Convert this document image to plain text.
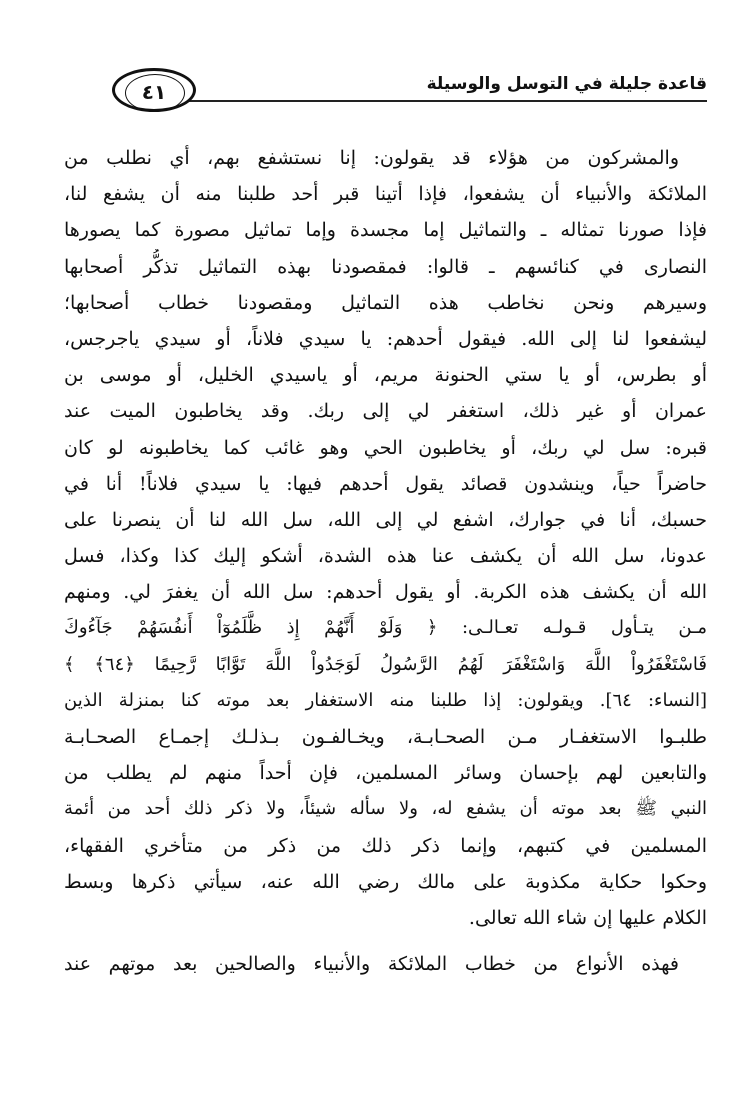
قاعدة جليلة في التوسل والوسيلة
٤١
والمشركون من هؤلاء قد يقولون: إنا نستشفع بهم، أي نطلب من
الملائكة والأنبياء أن يشفعوا، فإذا أتينا قبر أحد طلبنا منه أن يشفع لنا،
فإذا صورنا تمثاله ـ والتماثيل إما مجسدة وإما تماثيل مصورة كما يصورها
النصارى في كنائسهم ـ قالوا: فمقصودنا بهذه التماثيل تذكُّر أصحابها
وسيرهم ونحن نخاطب هذه التماثيل ومقصودنا خطاب أصحابها؛
ليشفعوا لنا إلى الله. فيقول أحدهم: يا سيدي فلاناً، أو سيدي ياجرجس،
أو بطرس، أو يا ستي الحنونة مريم، أو ياسيدي الخليل، أو موسى بن
عمران أو غير ذلك، استغفر لي إلى ربك. وقد يخاطبون الميت عند
قبره: سل لي ربك، أو يخاطبون الحي وهو غائب كما يخاطبونه لو كان
حاضراً حياً، وينشدون قصائد يقول أحدهم فيها: يا سيدي فلاناً! أنا في
حسبك، أنا في جوارك، اشفع لي إلى الله، سل الله لنا أن ينصرنا على
عدونا، سل الله أن يكشف عنا هذه الشدة، أشكو إليك كذا وكذا، فسل
الله أن يكشف هذه الكربة. أو يقول أحدهم: سل الله أن يغفرَ لي. ومنهم
مـن يتـأول قـولـه تعـالـى: ﴿ وَلَوْ أَنَّهُمْ إِذ ظَّلَمُوٓاْ أَنفُسَهُمْ جَآءُوكَ
فَاسْتَغْفَرُواْ اللَّهَ وَاسْتَغْفَرَ لَهُمُ الرَّسُولُ لَوَجَدُواْ اللَّهَ تَوَّابًا رَّحِيمًا ﴿٦٤﴾ ﴾
[النساء: ٦٤]. ويقولون: إذا طلبنا منه الاستغفار بعد موته كنا بمنزلة الذين
طلبـوا الاستغفـار مـن الصحـابـة، ويخـالفـون بـذلـك إجمـاع الصحـابـة
والتابعين لهم بإحسان وسائر المسلمين، فإن أحداً منهم لم يطلب من
النبي ﷺ بعد موته أن يشفع له، ولا سأله شيئاً، ولا ذكر ذلك أحد من أئمة
المسلمين في كتبهم، وإنما ذكر ذلك من ذكر من متأخري الفقهاء،
وحكوا حكاية مكذوبة على مالك رضي الله عنه، سيأتي ذكرها وبسط
الكلام عليها إن شاء الله تعالى.
فهذه الأنواع من خطاب الملائكة والأنبياء والصالحين بعد موتهم عند
